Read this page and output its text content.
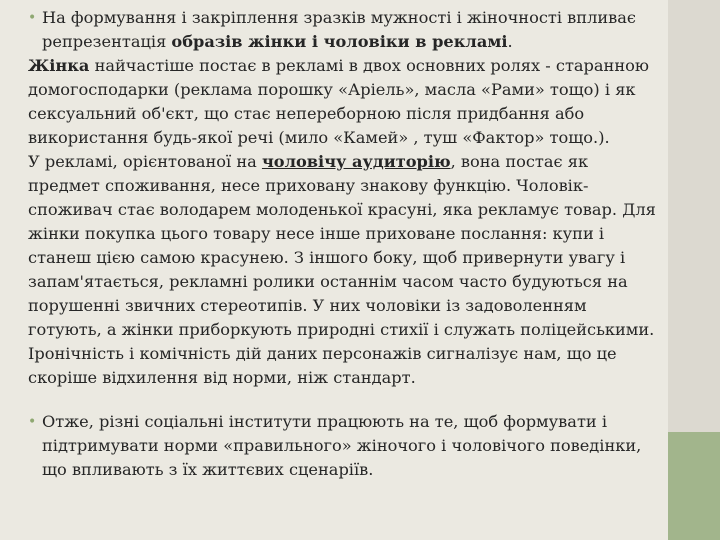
• На формування і закріплення зразків мужності і жіночності впливає репрезентація образів жінки і чоловіки в рекламі.

Жінка найчастіше постає в рекламі в двох основних ролях - старанною домогосподарки (реклама порошку «Аріель», масла «Рами» тощо) і як сексуальний об'єкт, що стає непереборною після придбання або використання будь-якої речі (мило «Камей» , туш «Фактор» тощо.).

У рекламі, орієнтованої на чоловічу аудиторію, вона постає як предмет споживання, несе приховану знакову функцію. Чоловік-споживач стає володарем молоденької красуні, яка рекламує товар. Для жінки покупка цього товару несе інше приховане послання: купи і станеш цією самою красунею. З іншого боку, щоб привернути увагу і запам'ятається, рекламні ролики останнім часом часто будуються на порушенні звичних стереотипів. У них чоловіки із задоволенням готують, а жінки приборкують природні стихії і служать поліцейськими. Іронічність і комічність дій даних персонажів сигналізує нам, що це скоріше відхилення від норми, ніж стандарт.

• Отже, різні соціальні інститути працюють на те, щоб формувати і підтримувати норми «правильного» жіночого і чоловічого поведінки, що впливають з їх життєвих сценаріїв.
